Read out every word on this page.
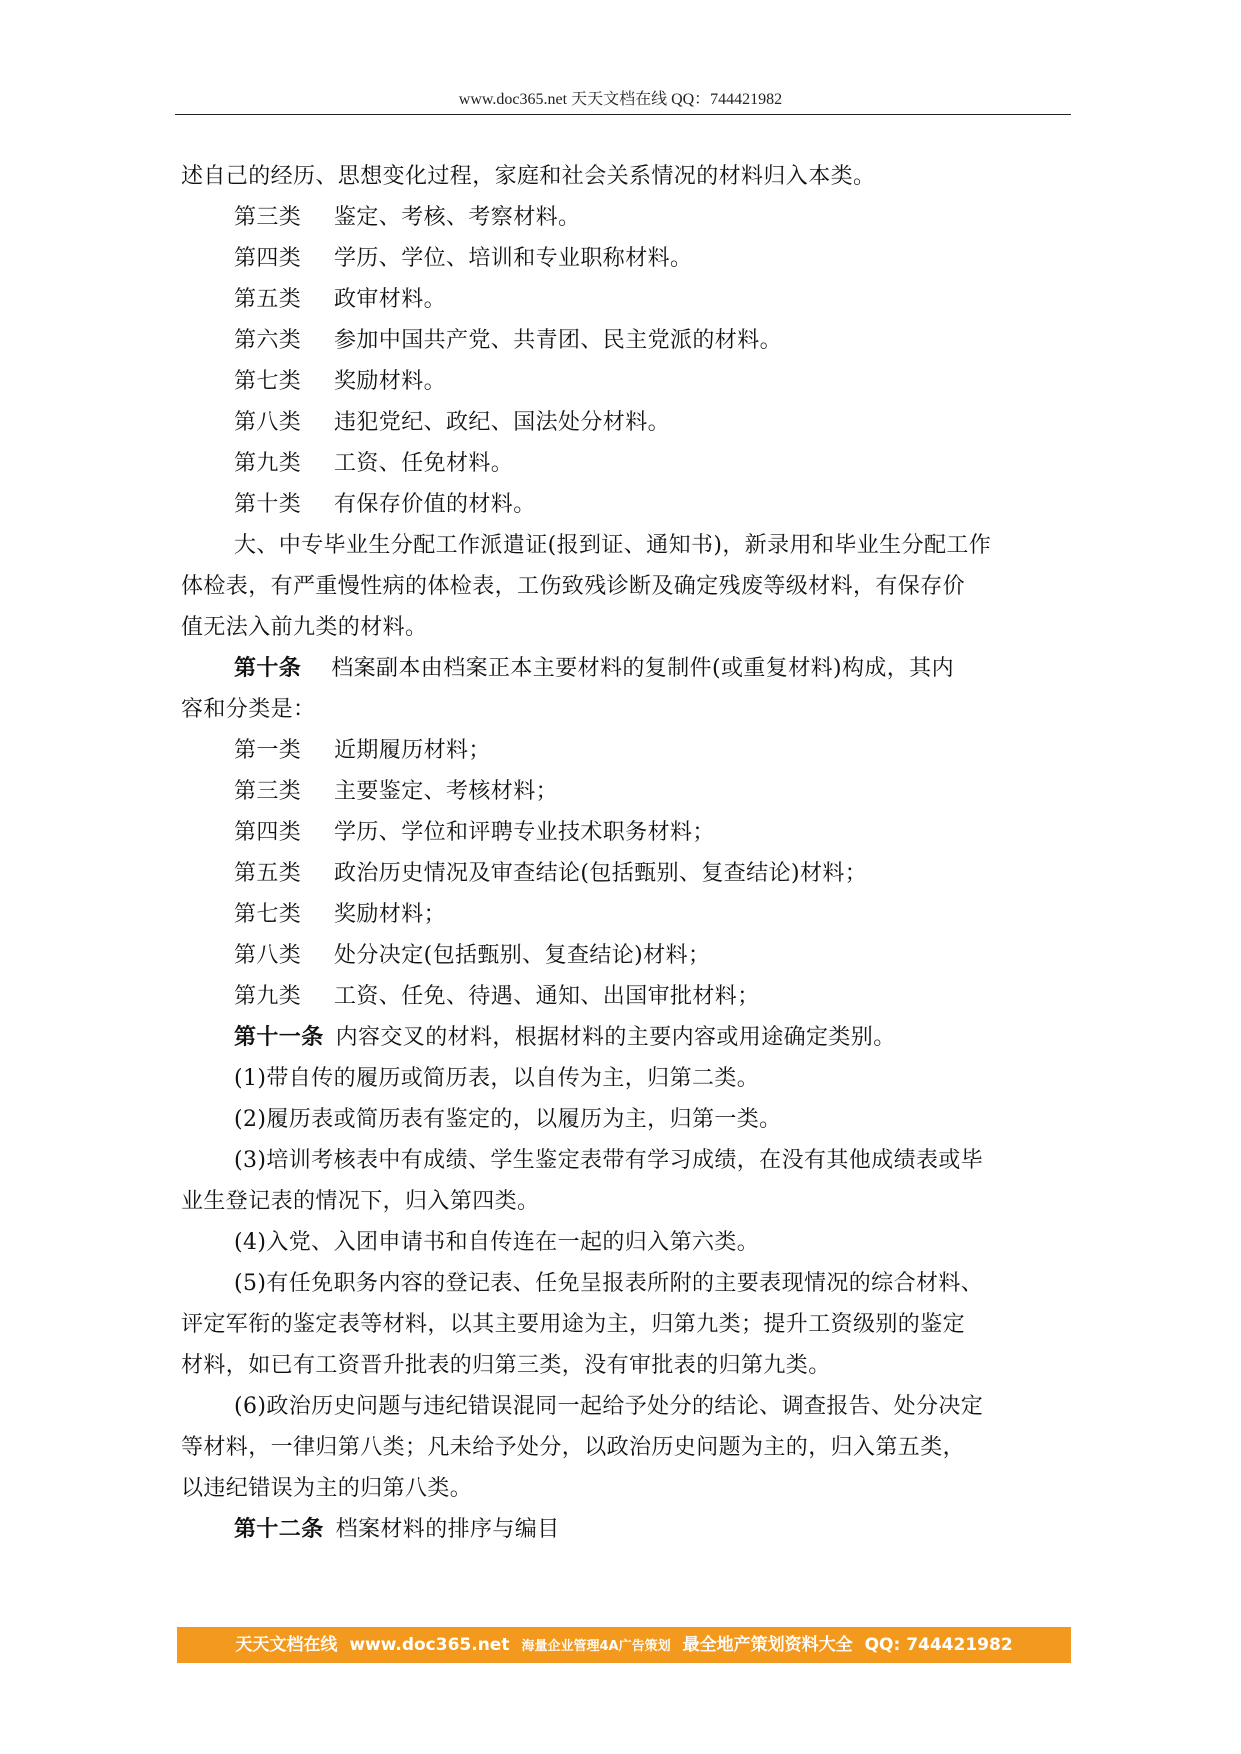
www.doc365.net 天天文档在线 QQ：744421982
述自己的经历、思想变化过程，家庭和社会关系情况的材料归入本类。
第三类 鉴定、考核、考察材料。
第四类 学历、学位、培训和专业职称材料。
第五类 政审材料。
第六类 参加中国共产党、共青团、民主党派的材料。
第七类 奖励材料。
第八类 违犯党纪、政纪、国法处分材料。
第九类 工资、任免材料。
第十类 有保存价值的材料。
大、中专毕业生分配工作派遣证(报到证、通知书)，新录用和毕业生分配工作
体检表，有严重慢性病的体检表，工伤致残诊断及确定残废等级材料，有保存价
值无法入前九类的材料。
第十条 档案副本由档案正本主要材料的复制件(或重复材料)构成，其内
容和分类是：
第一类 近期履历材料；
第三类 主要鉴定、考核材料；
第四类 学历、学位和评聘专业技术职务材料；
第五类 政治历史情况及审查结论(包括甄别、复查结论)材料；
第七类 奖励材料；
第八类 处分决定(包括甄别、复查结论)材料；
第九类 工资、任免、待遇、通知、出国审批材料；
第十一条 内容交叉的材料，根据材料的主要内容或用途确定类别。
(1)带自传的履历或简历表，以自传为主，归第二类。
(2)履历表或简历表有鉴定的，以履历为主，归第一类。
(3)培训考核表中有成绩、学生鉴定表带有学习成绩，在没有其他成绩表或毕
业生登记表的情况下，归入第四类。
(4)入党、入团申请书和自传连在一起的归入第六类。
(5)有任免职务内容的登记表、任免呈报表所附的主要表现情况的综合材料、
评定军衔的鉴定表等材料，以其主要用途为主，归第九类；提升工资级别的鉴定
材料，如已有工资晋升批表的归第三类，没有审批表的归第九类。
(6)政治历史问题与违纪错误混同一起给予处分的结论、调查报告、处分决定
等材料，一律归第八类；凡未给予处分，以政治历史问题为主的，归入第五类，
以违纪错误为主的归第八类。
第十二条 档案材料的排序与编目
天天文档在线 www.doc365.net 海量企业管理4A广告策划 最全地产策划资料大全 QQ: 744421982
